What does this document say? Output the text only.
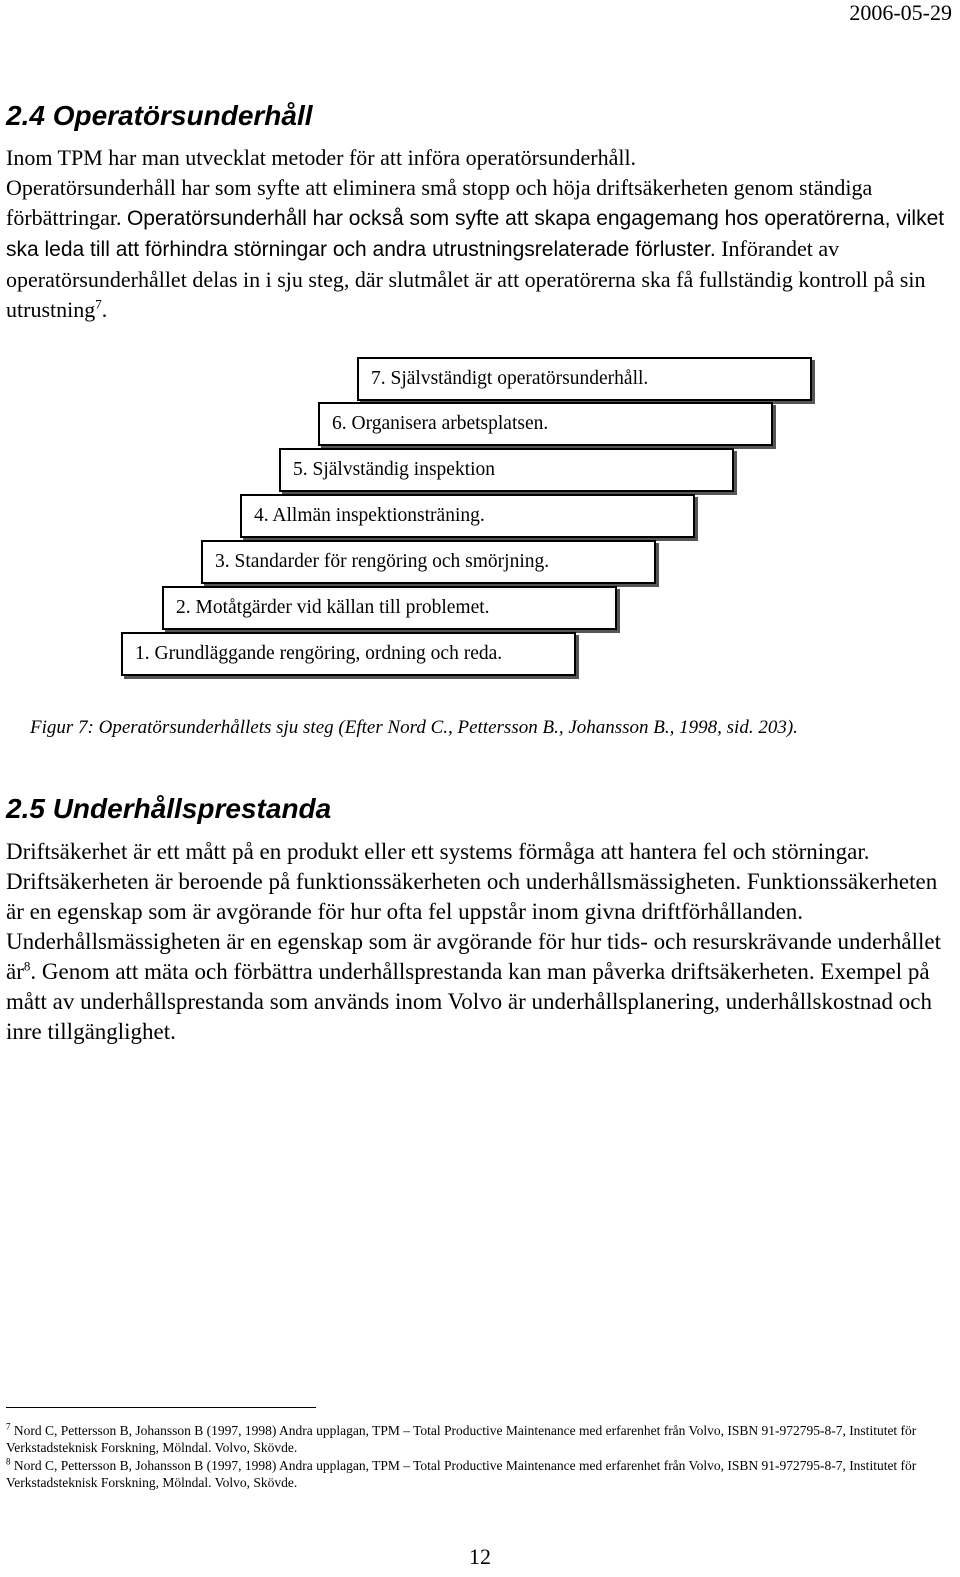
2006-05-29
2.4 Operatörsunderhåll

Inom TPM har man utvecklat metoder för att införa operatörsunderhåll.

Operatörsunderhåll har som syfte att eliminera små stopp och höja driftsäkerheten genom ständiga förbättringar. Operatörsunderhåll har också som syfte att skapa engagemang hos operatörerna, vilket ska leda till att förhindra störningar och andra utrustningsrelaterade förluster. Införandet av operatörsunderhållet delas in i sju steg, där slutmålet är att operatörerna ska få fullständig kontroll på sin utrustning$^7$.

7. Självständigt operatörsunderhåll.
6. Organisera arbetsplatsen.
5. Självständig inspektion
4. Allmän inspektionsträning.
3. Standarder för rengöring och smörjning.
2. Motåtgärder vid källan till problemet.
1. Grundläggande rengöring, ordning och reda.
Figur 7: Operatörsunderhållets sju steg (Efter Nord C., Pettersson B., Johansson B., 1998, sid. 203).
2.5 Underhållsprestanda
Driftsäkerhet är ett mått på en produkt eller ett systems förmåga att hantera fel och störningar. Driftsäkerheten är beroende på funktionssäkerheten och underhållsmässigheten. Funktionssäkerheten är en egenskap som är avgörande för hur ofta fel uppstår inom givna driftförhållanden. Underhållsmässigheten är en egenskap som är avgörande för hur tids- och resurskrävande underhållet $är^8$. Genom att mäta och förbättra underhållsprestanda kan man påverka driftsäkerheten. Exempel på mått av underhållsprestanda som används inom Volvo är underhållsplanering, underhållskostnad och inre tillgänglighet.
$^7$ Nord C, Pettersson B, Johansson B (1997, 1998) Andra upplagan, TPM – Total Productive Maintenance med erfarenhet från Volvo, ISBN 91-972795-8-7, Institutet för Verkstadsteknisk Forskning, Mölndal. Volvo, Skövde.
$^8$ Nord C, Pettersson B, Johansson B (1997, 1998) Andra upplagan, TPM – Total Productive Maintenance med erfarenhet från Volvo, ISBN 91-972795-8-7, Institutet för Verkstadsteknisk Forskning, Mölndal. Volvo, Skövde.
12
